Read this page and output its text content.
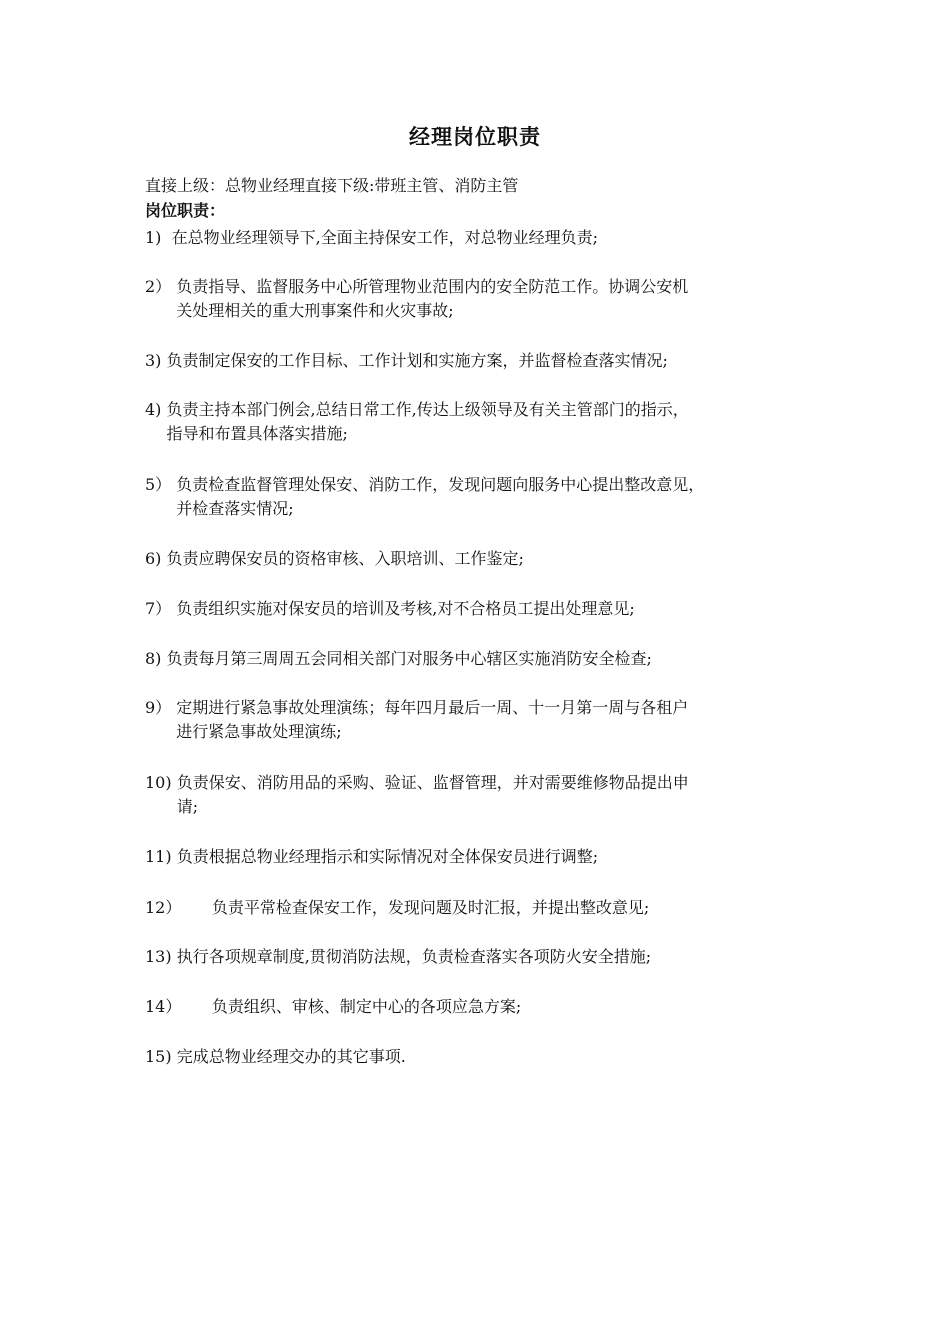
经理岗位职责
直接上级：总物业经理直接下级:带班主管、消防主管
岗位职责：
1) 在总物业经理领导下,全面主持保安工作，对总物业经理负责;
2） 负责指导、监督服务中心所管理物业范围内的安全防范工作。协调公安机
关处理相关的重大刑事案件和火灾事故;
3) 负责制定保安的工作目标、工作计划和实施方案，并监督检查落实情况;
4) 负责主持本部门例会,总结日常工作,传达上级领导及有关主管部门的指示，
指导和布置具体落实措施;
5） 负责检查监督管理处保安、消防工作，发现问题向服务中心提出整改意见，
并检查落实情况;
6) 负责应聘保安员的资格审核、入职培训、工作鉴定;
7） 负责组织实施对保安员的培训及考核,对不合格员工提出处理意见;
8) 负责每月第三周周五会同相关部门对服务中心辖区实施消防安全检查;
9） 定期进行紧急事故处理演练；每年四月最后一周、十一月第一周与各租户
进行紧急事故处理演练;
10) 负责保安、消防用品的采购、验证、监督管理，并对需要维修物品提出申
请;
11) 负责根据总物业经理指示和实际情况对全体保安员进行调整;
12） 负责平常检查保安工作，发现问题及时汇报，并提出整改意见;
13) 执行各项规章制度,贯彻消防法规，负责检查落实各项防火安全措施;
14） 负责组织、审核、制定中心的各项应急方案;
15) 完成总物业经理交办的其它事项.
